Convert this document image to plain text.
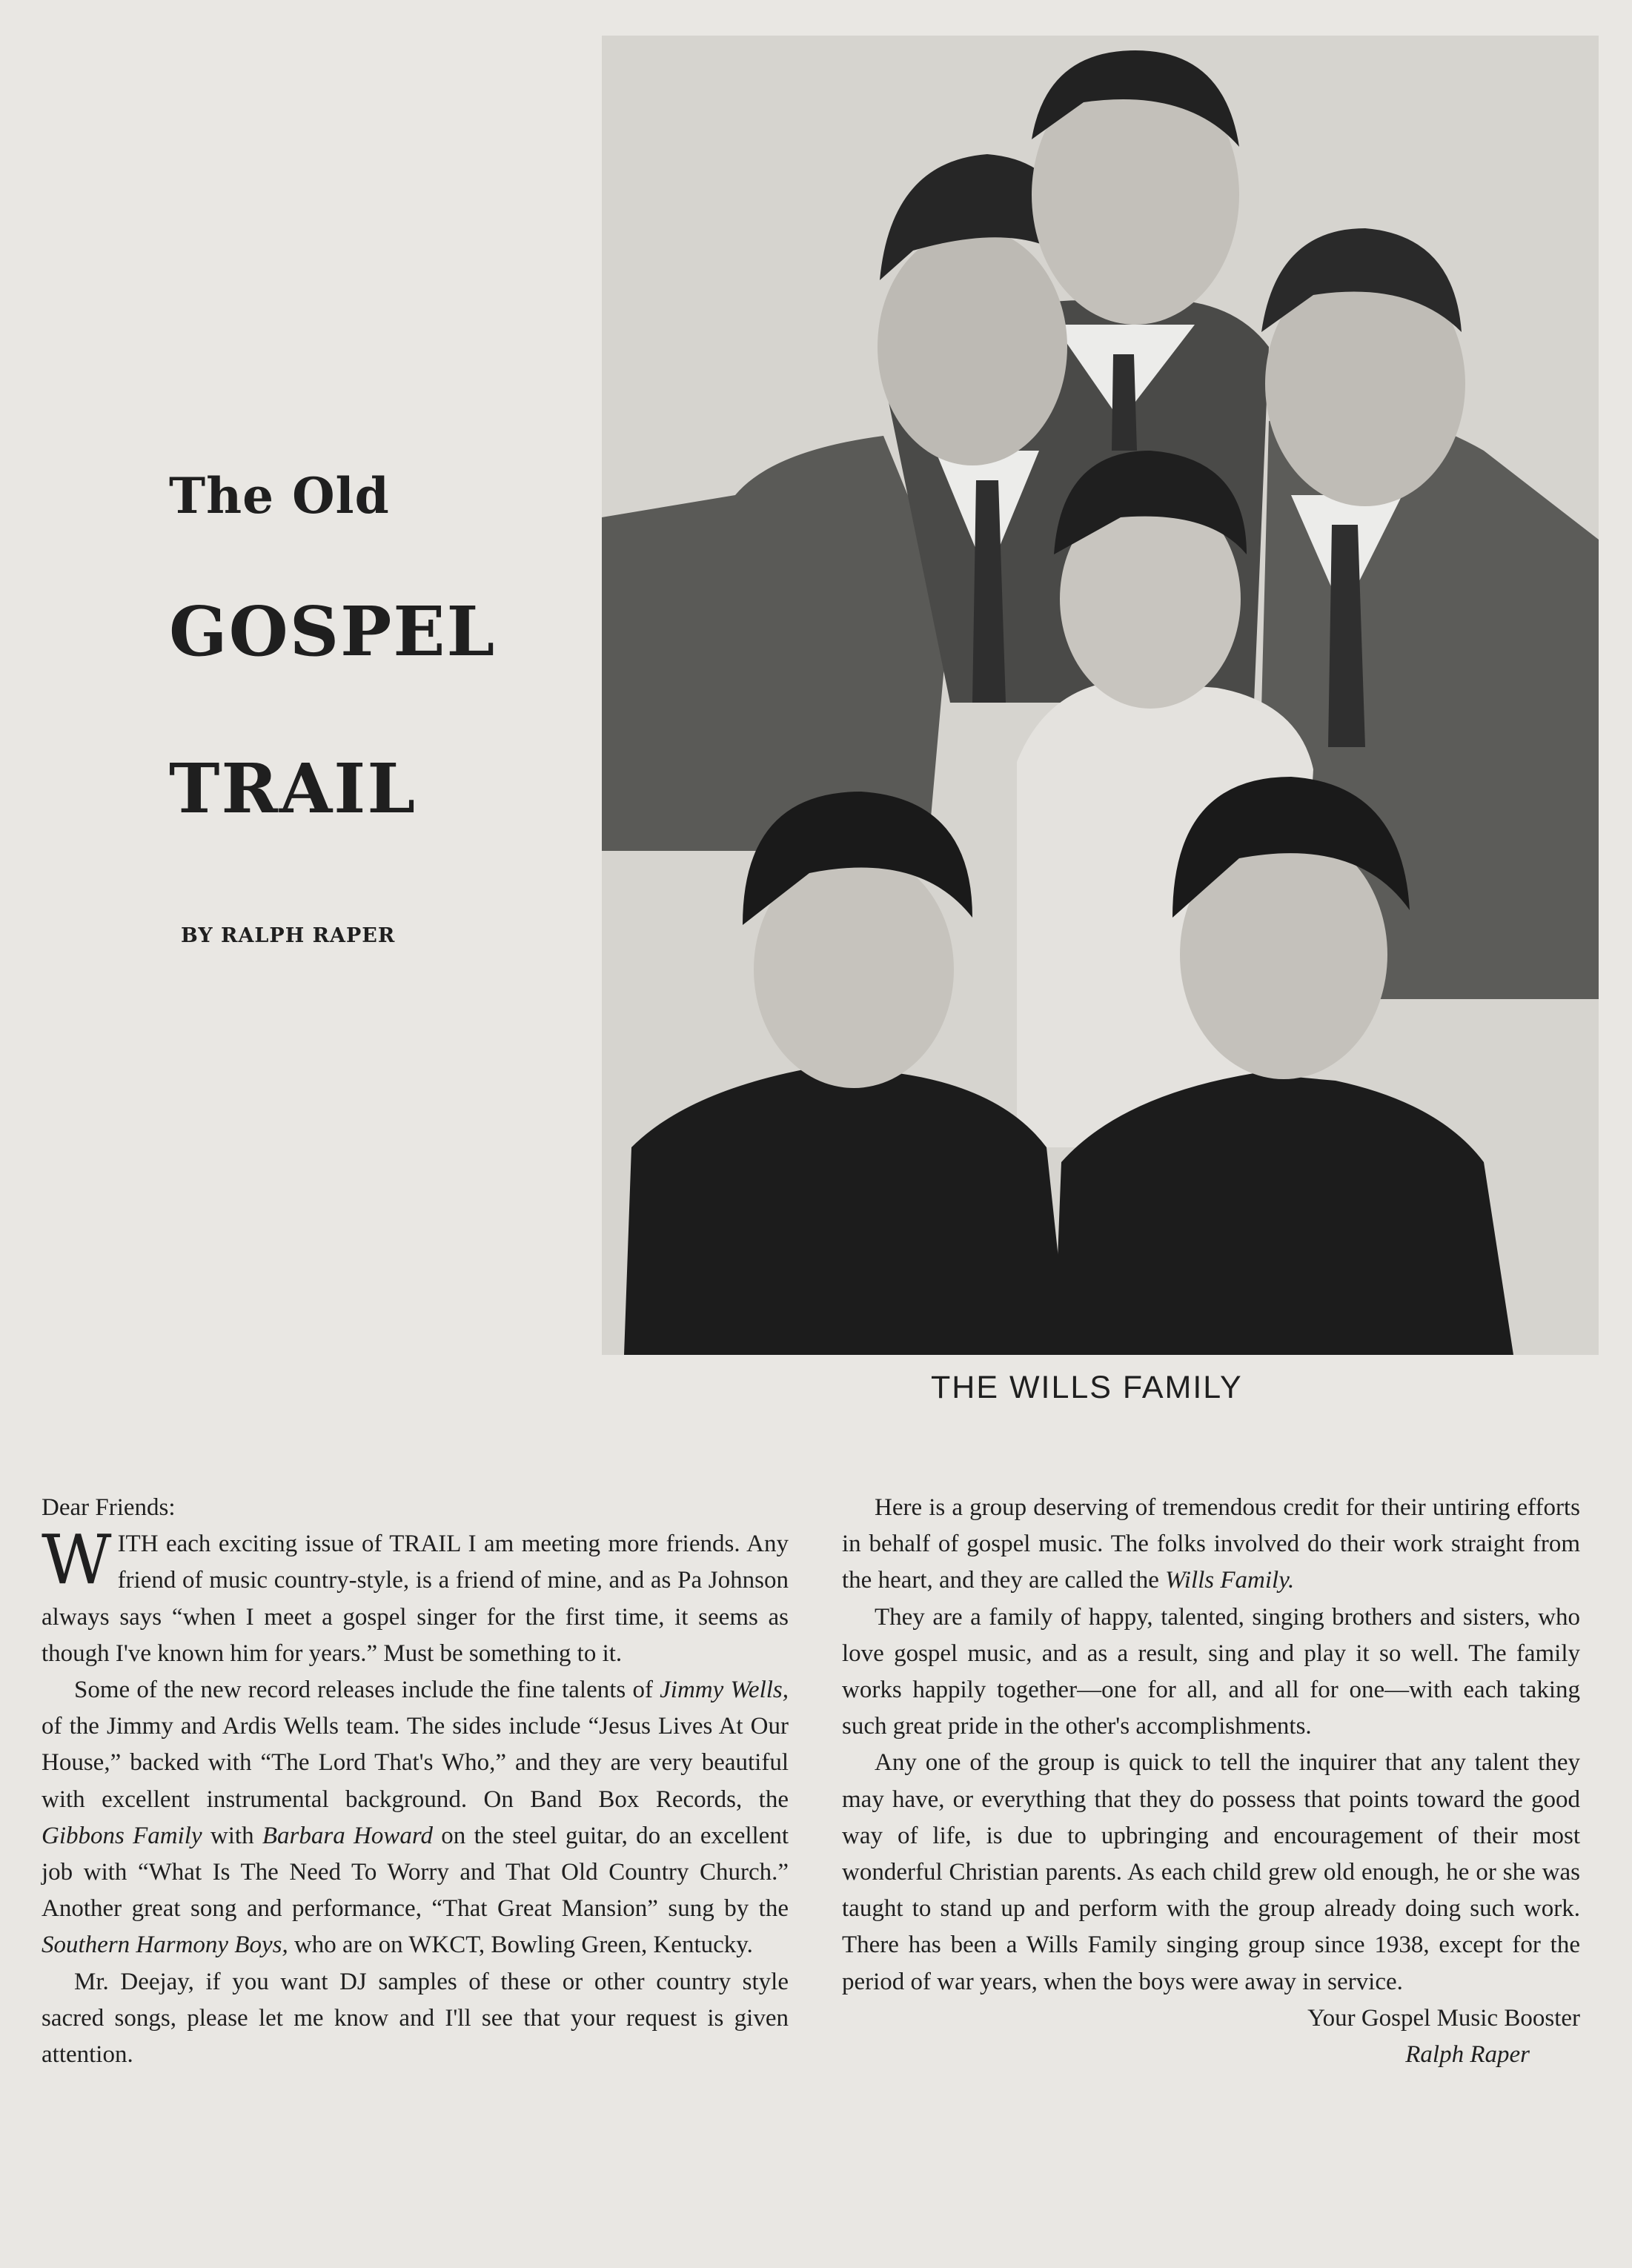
The Old
GOSPEL
TRAIL
BY RALPH RAPER
THE WILLS FAMILY

Dear Friends:

WITH each exciting issue of TRAIL I am meeting more friends. Any friend of music country-style, is a friend of mine, and as Pa Johnson always says “when I meet a gospel singer for the first time, it seems as though I've known him for years.” Must be something to it.

Some of the new record releases include the fine talents of Jimmy Wells, of the Jimmy and Ardis Wells team. The sides include “Jesus Lives At Our House,” backed with “The Lord That's Who,” and they are very beautiful with excellent instrumental background. On Band Box Records, the Gibbons Family with Barbara Howard on the steel guitar, do an excellent job with “What Is The Need To Worry and That Old Country Church.” Another great song and performance, “That Great Mansion” sung by the Southern Harmony Boys, who are on WKCT, Bowling Green, Kentucky.

Mr. Deejay, if you want DJ samples of these or other country style sacred songs, please let me know and I'll see that your request is given attention.

Here is a group deserving of tremendous credit for their untiring efforts in behalf of gospel music. The folks involved do their work straight from the heart, and they are called the Wills Family.

They are a family of happy, talented, singing brothers and sisters, who love gospel music, and as a result, sing and play it so well. The family works happily together—one for all, and all for one—with each taking such great pride in the other's accomplishments.

Any one of the group is quick to tell the inquirer that any talent they may have, or everything that they do possess that points toward the good way of life, is due to upbringing and encouragement of their most wonderful Christian parents. As each child grew old enough, he or she was taught to stand up and perform with the group already doing such work. There has been a Wills Family singing group since 1938, except for the period of war years, when the boys were away in service.

Your Gospel Music Booster

Ralph Raper
